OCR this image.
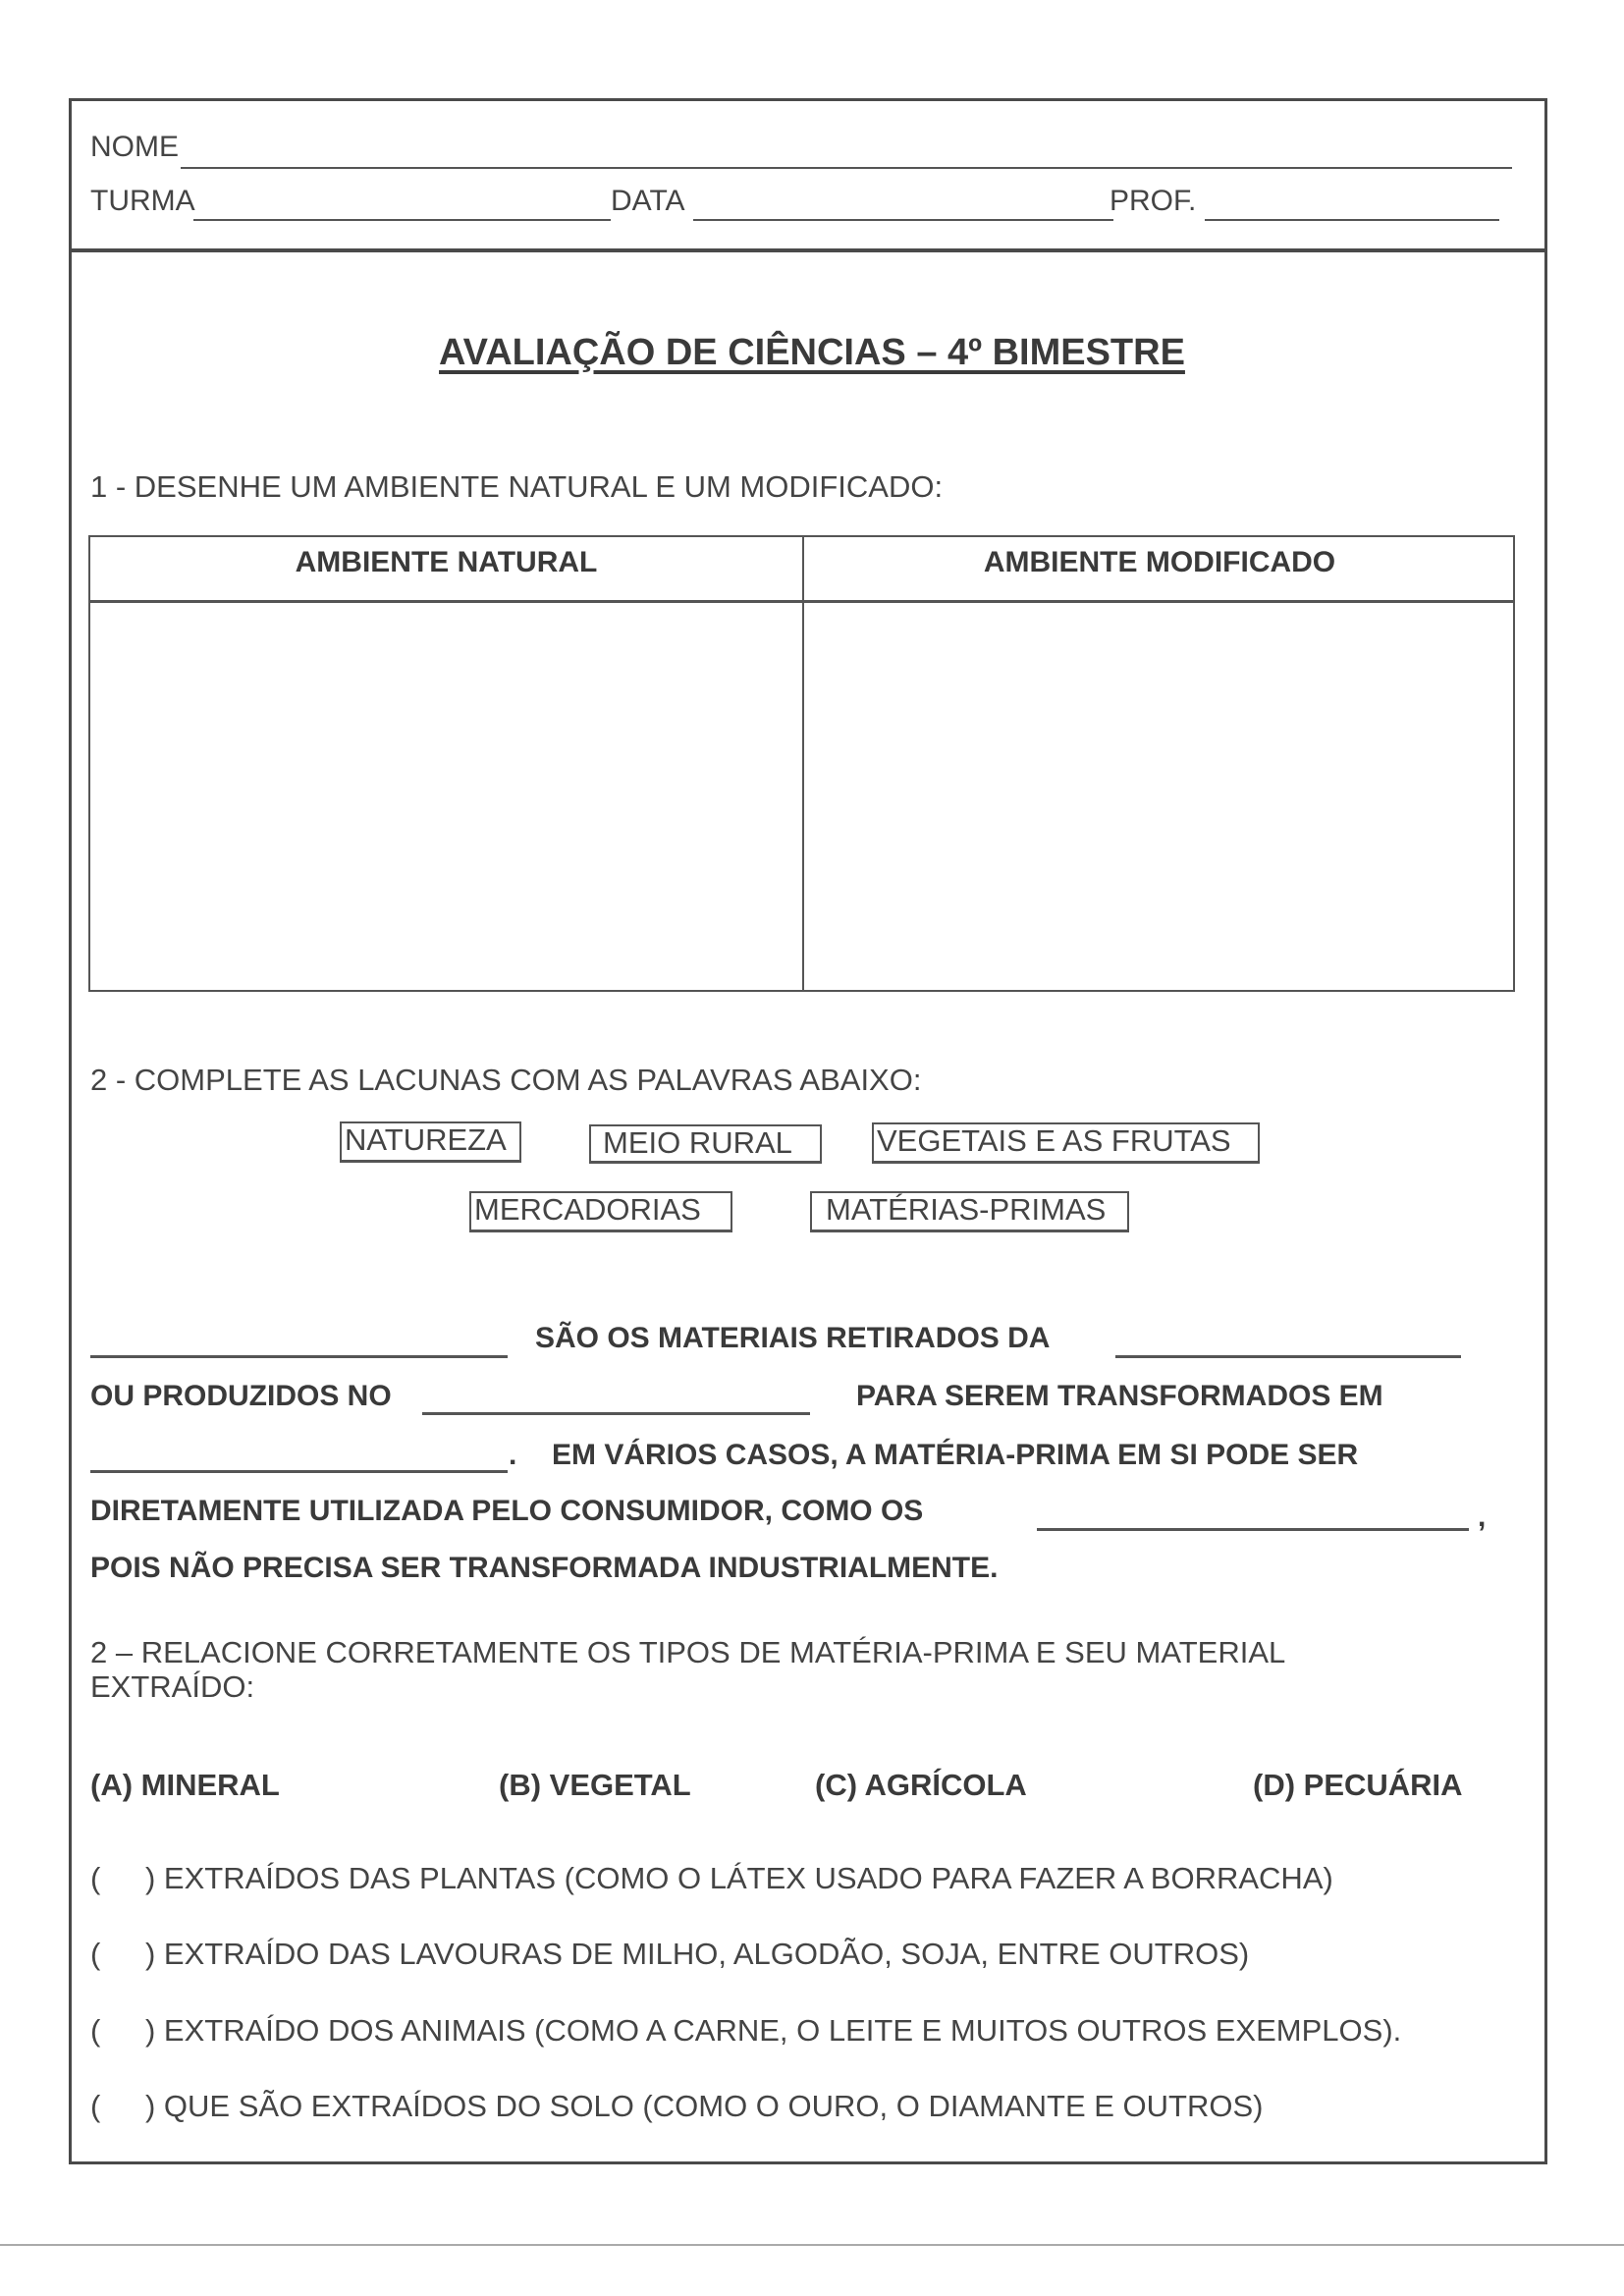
NOME
TURMA	DATA	PROF.
AVALIAÇÃO DE CIÊNCIAS – 4º BIMESTRE
1 - DESENHE UM AMBIENTE NATURAL E UM MODIFICADO:
AMBIENTE NATURAL	AMBIENTE MODIFICADO
2 - COMPLETE AS LACUNAS COM AS PALAVRAS ABAIXO:
NATUREZA	MEIO RURAL	VEGETAIS E AS FRUTAS
MERCADORIAS	MATÉRIAS-PRIMAS
SÃO OS MATERIAIS RETIRADOS DA
OU PRODUZIDOS NO	PARA SEREM TRANSFORMADOS EM
. EM VÁRIOS CASOS, A MATÉRIA-PRIMA EM SI PODE SER
DIRETAMENTE UTILIZADA PELO CONSUMIDOR, COMO OS	,
POIS NÃO PRECISA SER TRANSFORMADA INDUSTRIALMENTE.
2 – RELACIONE CORRETAMENTE OS TIPOS DE MATÉRIA-PRIMA E SEU MATERIAL
EXTRAÍDO:
(A) MINERAL	(B) VEGETAL	(C) AGRÍCOLA	(D) PECUÁRIA
( ) EXTRAÍDOS DAS PLANTAS (COMO O LÁTEX USADO PARA FAZER A BORRACHA)
( ) EXTRAÍDO DAS LAVOURAS DE MILHO, ALGODÃO, SOJA, ENTRE OUTROS)
( ) EXTRAÍDO DOS ANIMAIS (COMO A CARNE, O LEITE E MUITOS OUTROS EXEMPLOS).
( ) QUE SÃO EXTRAÍDOS DO SOLO (COMO O OURO, O DIAMANTE E OUTROS)
